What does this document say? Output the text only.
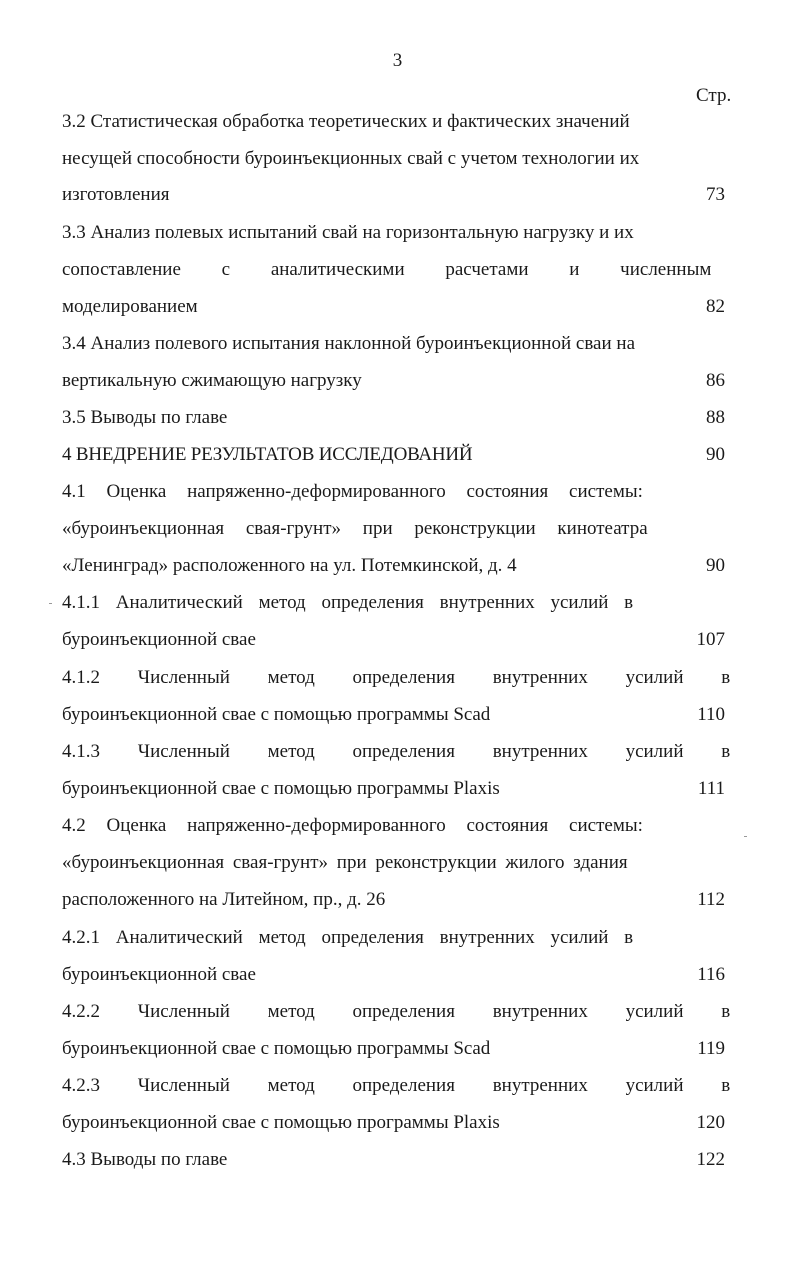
3
Стр.
3.2 Статистическая обработка теоретических и фактических значений
несущей способности буроинъекционных свай с учетом технологии их
изготовления	73
3.3 Анализ полевых испытаний свай на горизонтальную нагрузку и их
сопоставление с аналитическими расчетами и численным
моделированием	82
3.4 Анализ полевого испытания наклонной буроинъекционной сваи на
вертикальную сжимающую нагрузку	86
3.5 Выводы по главе	88
4 ВНЕДРЕНИЕ РЕЗУЛЬТАТОВ ИССЛЕДОВАНИЙ	90
4.1 Оценка напряженно-деформированного состояния системы:
«буроинъекционная свая-грунт» при реконструкции кинотеатра
«Ленинград» расположенного на ул. Потемкинской, д. 4	90
4.1.1 Аналитический метод определения внутренних усилий в
буроинъекционной свае	107
4.1.2 Численный метод определения внутренних усилий в
буроинъекционной свае с помощью программы Scad	110
4.1.3 Численный метод определения внутренних усилий в
буроинъекционной свае с помощью программы Plaxis	111
4.2 Оценка напряженно-деформированного состояния системы:
«буроинъекционная свая-грунт» при реконструкции жилого здания
расположенного на Литейном, пр., д. 26	112
4.2.1 Аналитический метод определения внутренних усилий в
буроинъекционной свае	116
4.2.2 Численный метод определения внутренних усилий в
буроинъекционной свае с помощью программы Scad	119
4.2.3 Численный метод определения внутренних усилий в
буроинъекционной свае с помощью программы Plaxis	120
4.3 Выводы по главе	122
